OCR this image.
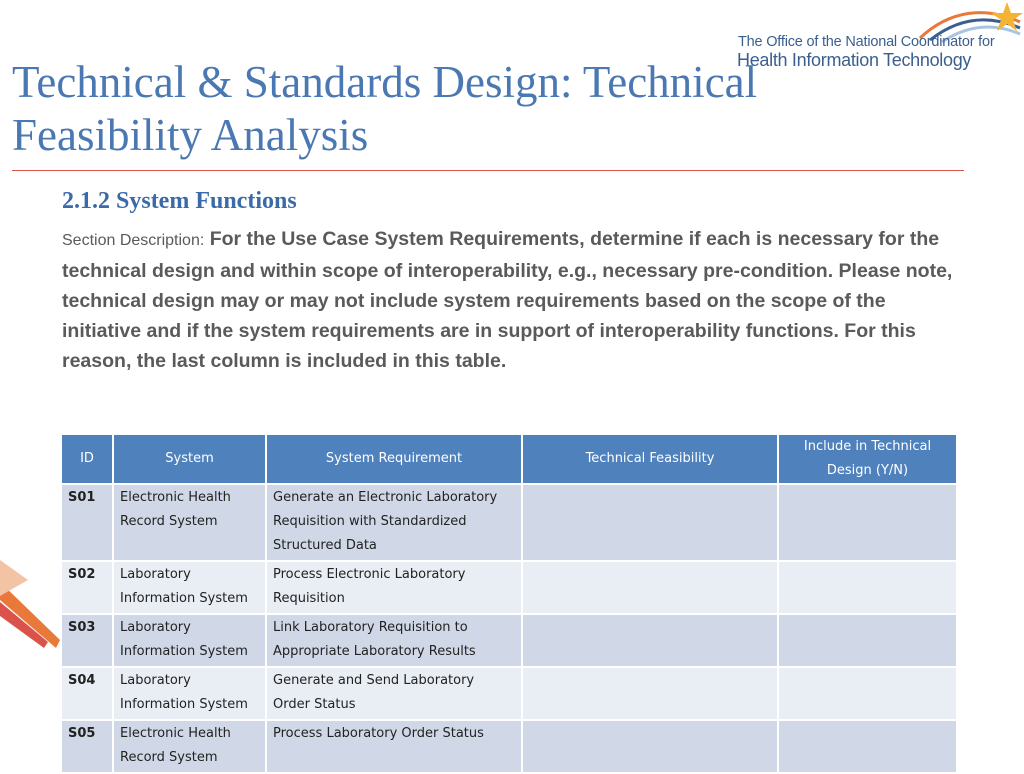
The Office of the National Coordinator for
Health Information Technology
Technical & Standards Design: Technical Feasibility Analysis
2.1.2 System Functions

Section Description: For the Use Case System Requirements, determine if each is necessary for the technical design and within scope of interoperability, e.g., necessary pre-condition. Please note, technical design may or may not include system requirements based on the scope of the initiative and if the system requirements are in support of interoperability functions. For this reason, the last column is included in this table.

ID	System	System Requirement	Technical Feasibility	Include in Technical Design (Y/N)
S01	Electronic Health Record System	Generate an Electronic Laboratory Requisition with Standardized Structured Data		
S02	Laboratory Information System	Process Electronic Laboratory Requisition		
S03	Laboratory Information System	Link Laboratory Requisition to Appropriate Laboratory Results		
S04	Laboratory Information System	Generate and Send Laboratory Order Status		
S05	Electronic Health Record System	Process Laboratory Order Status		
